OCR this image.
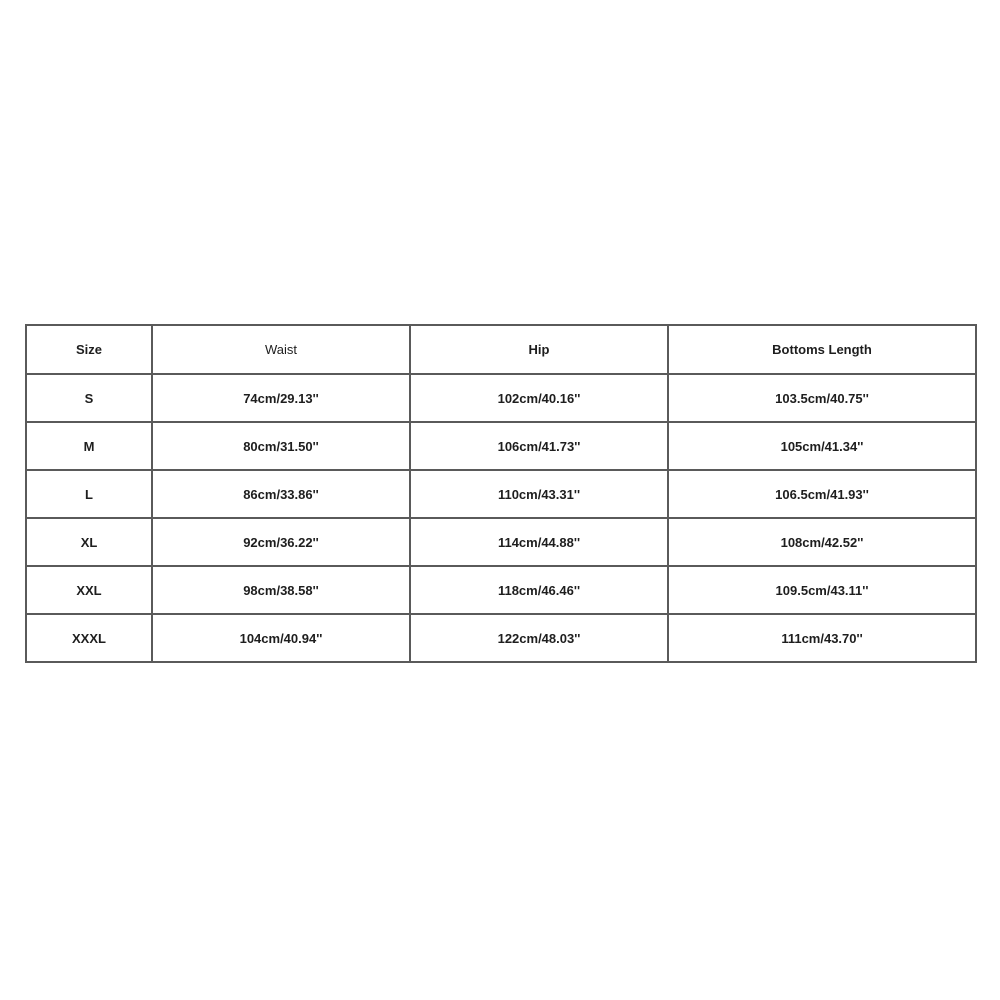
Size	Waist	Hip	Bottoms Length
S	74cm/29.13''	102cm/40.16''	103.5cm/40.75''
M	80cm/31.50''	106cm/41.73''	105cm/41.34''
L	86cm/33.86''	110cm/43.31''	106.5cm/41.93''
XL	92cm/36.22''	114cm/44.88''	108cm/42.52''
XXL	98cm/38.58''	118cm/46.46''	109.5cm/43.11''
XXXL	104cm/40.94''	122cm/48.03''	111cm/43.70''
